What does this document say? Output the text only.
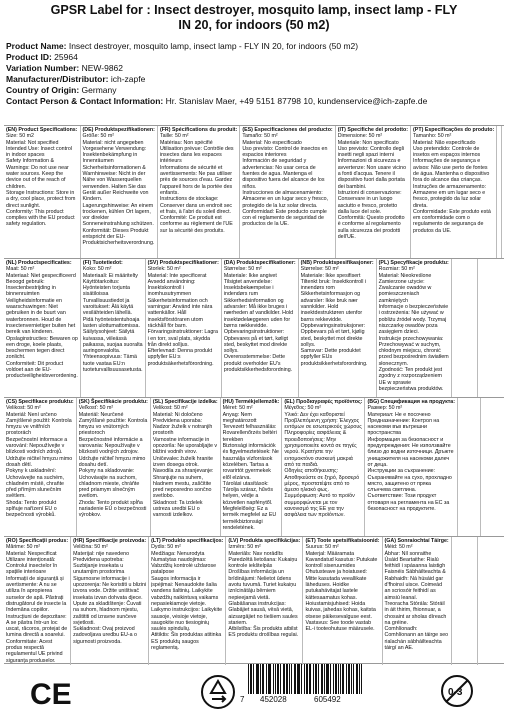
GPSR Label for : Insect destroyer, mosquito lamp, insect lamp - FLY
IN 20, for indoors (50 m2)
Product Name: Insect destroyer, mosquito lamp, insect lamp - FLY IN 20, for indoors (50 m2)
Product ID: 25964
Variation Number: NEW-9862
Manufacturer/Distributor: ich-zapfe
Country of Origin: Germany
Contact Person & Contact Information: Hr. Stanislav Maer, +49 5151 87798 10, kundenservice@ich-zapfe.de
(EN) Product Specifications:
Size: 50 m2
Material: Not specified
Intended Use: Insect control in indoor spaces
Safety Information & Warnings: Do not use near water sources. Keep the device out of the reach of children.
Storage Instructions: Store in a dry, cool place, protect from direct sunlight.
Conformity: This product complies with the EU product safety regulation.
(DE) Produktspezifikationen:
Größe: 50 m²
Material: nicht angegeben
Vorgesehene Verwendung: Insektenbekämpfung in Innenräumen
Sicherheitsinformationen & Warnhinweise: Nicht in der Nähe von Wasserquellen verwenden. Halten Sie das Gerät außer Reichweite von Kindern.
Lagerungshinweise: An einem trockenen, kühlen Ort lagern, vor direkter Sonneneinstrahlung schützen.
Konformität: Dieses Produkt entspricht der EU-Produktsicherheitsverordnung.
(FR) Spécifications du produit:
Taille: 50 m²
Matériau: Non spécifié
Utilisation prévue: Contrôle des insectes dans les espaces intérieurs
Informations de sécurité et avertissements: Ne pas utiliser près de sources d'eau. Gardez l'appareil hors de la portée des enfants.
Instructions de stockage: Conserver dans un endroit sec et frais, à l'abri du soleil direct.
Conformité: Ce produit est conforme au règlement de l'UE sur la sécurité des produits.
(ES) Especificaciones del producto:
Tamaño: 50 m²
Material: No especificado
Uso previsto: Control de insectos en espacios interiores
Información de seguridad y advertencias: No usar cerca de fuentes de agua. Mantenga el dispositivo fuera del alcance de los niños.
Instrucciones de almacenamiento: Almacene en un lugar seco y fresco, protegido de la luz solar directa.
Conformidad: Este producto cumple con el reglamento de seguridad de productos de la UE.
(IT) Specifiche del prodotto:
Dimensione: 50 m²
Materiale: Non specificato
Uso previsto: Controllo degli insetti negli spazi interni
Informazioni di sicurezza e avvertenze: Non usare vicino a fonti d'acqua. Tenere il dispositivo fuori dalla portata dei bambini.
Istruzioni di conservazione: Conservare in un luogo asciutto e fresco, protetto dalla luce del sole.
Conformità: Questo prodotto è conforme al regolamento sulla sicurezza dei prodotti dell'UE.
(PT) Especificações do produto:
Tamanho: 50 m²
Material: Não especificado
Uso pretendido: Controle de insetos em espaços internos
Informações de segurança e avisos: Não use perto de fontes de água. Mantenha o dispositivo fora do alcance das crianças.
Instruções de armazenamento: Armazene em um lugar seco e fresco, protegido da luz solar direta.
Conformidade: Este produto está em conformidade com o regulamento de segurança de produtos da UE.
(NL) Productspecificaties:
Maat: 50 m²
Materiaal: Niet gespecificeerd
Beoogd gebruik: Insectenbestrijding in binnenruimten
Veiligheidsinformatie en waarschuwingen: Niet gebruiken in de buurt van waterbronnen. Houd de insectenvernietiger buiten het bereik van kinderen.
Opslaginstructies: Bewaren op een droge, koele plaats, beschermen tegen direct zonlicht.
Conformiteit: Dit product voldoet aan de EU-productveiligheidsverordening.
(FI) Tuotetiedot:
Koko: 50 m²
Materiaali: Ei määritelty
Käyttötarkoitus: Hyönteisten torjunta sisätiloissa
Turvallisuustiedot ja varoitukset: Älä käytä vesilähteiden lähellä. Pidä hyönteistentuhoaja lasten ulottumattomissa.
Säilytysohjeet: Säilytä kuivassa, viileässä paikassa, suojaa suoralta auringonvalolta.
Yhteensopivuus: Tämä tuote vastaa EU:n tuoteturvallisuusasetusta.
(SV) Produktspecifikationer:
Storlek: 50 m²
Material: Inte specificerat
Avsedd användning: Insektskontroll i inomhusutrymmen
Säkerhetsinformation och varningar: Använd inte nära vattenkällor. Håll insektsförstöraren utom räckhåll för barn.
Förvaringsinstruktioner: Lagra i en torr, sval plats, skydda från direkt solljus.
Efterlevnad: Denna produkt uppfyller EU:s produktsäkerhetsförordning.
(DA) Produktspecifikationer:
Størrelse: 50 m²
Materiale: Ikke angivet
Tilsigtet anvendelse: Insektsbekæmpelse i indendørs rum
Sikkerhedsinformation og advarsler: Må ikke bruges i nærheden af vandkilder. Hold insektødelæggeren uden for børns rækkevidde.
Opbevaringsinstruktioner: Opbevares på et tørt, køligt sted, beskyttet mod direkte sollys.
Overensstemmelse: Dette produkt overholder EU's produktsikkerhedsforordning.
(NB) Produktspesifikasjoner:
Størrelse: 50 m²
Materiale: Ikke spesifisert
Tiltenkt bruk: Insektkontroll i innendørs rom
Sikkerhetsinformasjon og advarsler: Ikke bruk nær vannkilder. Hold insektdestruktøren utenfor barns rekkevidde.
Oppbevaringsinstruksjoner: Oppbevars på et tørt, kjølig sted, beskyttet mot direkte sollys.
Samsvar: Dette produktet oppfyller EUs produktsikkerhetsforordning.
(PL) Specyfikacje produktu:
Rozmiar: 50 m²
Materiał: Nieokreślone
Zamierzone użycie: Zwalczanie owadów w pomieszczeniach zamkniętych
Informacje o bezpieczeństwie i ostrzeżenia: Nie używać w pobliżu źródeł wody. Trzymaj niszczarkę owadów poza zasięgiem dzieci.
Instrukcje przechowywania: Przechowywać w suchym, chłodnym miejscu, chronić przed bezpośrednim światłem słonecznym.
Zgodność: Ten produkt jest zgodny z rozporządzeniem UE w sprawie bezpieczeństwa produktów.
(CS) Specifikace produktu:
Velikost: 50 m²
Materiál: Není určeno
Zamýšlené použití: Kontrola hmyzu ve vnitřních prostorách
Bezpečnostní informace a varování: Nepoužívejte v blízkosti vodních zdrojů. Udržujte ničitel hmyzu mimo dosah dětí.
Pokyny k uskladnění: Uchovávejte na suchém, chladném místě, chraňte před přímým slunečním světlem.
Shoda: Tento produkt splňuje nařízení EU o bezpečnosti výrobků.
(SK) Špecifikácie produktu:
Veľkosť: 50 m²
Materiál: Neurčené
Zamýšľané použitie: Kontrola hmyzu vo vnútorných priestoroch
Bezpečnostné informácie a varovania: Nepoužívajte v blízkosti vodných zdrojov. Udržujte ničiteľ hmyzu mimo dosahu detí.
Pokyny na skladovanie: Uchovávajte na suchom, chladnom mieste, chráňte pred priamym slnečným svetlom.
Zhoda: Tento produkt spĺňa nariadenie EÚ o bezpečnosti výrobkov.
(SL) Specifikacije izdelka:
Velikost: 50 m²
Material: Ni določeno
Predvidena uporaba: Nadzor žuželk v notranjih prostorih
Varnostne informacije in opozorila: Ne uporabljajte v bližini vodnih virov. Uničevalec žuželk hranite izven dosega otrok.
Navodila za shranjevanje: Shranjujte na suhem, hladnem mestu, zaščitite pred neposredno sončno svetlobo.
Skladnost: Ta izdelek ustreza uredbi EU o varnosti izdelkov.
(HU) Termékjellemzők:
Méret: 50 m²
Anyag: Nem meghatározott
Tervezett felhasználás: Rovarellenőrzés beltéri terekben
Biztonsági információk és figyelmeztetések: Ne használja vízforrások közelében. Tartsa a rovarirtót gyermekek elől elzárva.
Tárolási utasítások: Tárolja száraz, hűvös helyen, védje a közvetlen napfénytől.
Megfelelőség: Ez a termék megfelel az EU termékbiztonsági rendeletének.
(EL) Προδιαγραφές προϊόντος:
Μέγεθος: 50 m²
Υλικό: Δεν έχει καθοριστεί
Προβλεπόμενη χρήση: Έλεγχος εντόμων σε εσωτερικούς χώρους
Πληροφορίες ασφάλειας & προειδοποιήσεις: Μην χρησιμοποιείτε κοντά σε πηγές νερού. Κρατήστε την εντομοκτόνο συσκευή μακριά από τα παιδιά.
Οδηγίες αποθήκευσης: Αποθηκεύστε σε ξηρό, δροσερό μέρος, προστατέψτε από το άμεσο ηλιακό φως.
Συμμόρφωση: Αυτό το προϊόν συμμορφώνεται με τον κανονισμό της ΕΕ για την ασφάλεια των προϊόντων.
(BG) Спецификация на продукта:
Размер: 50 m²
Материал: Не е посочено
Предназначение: Контрол на насекоми във вътрешни пространства
Информация за безопасност и предупреждения: Не използвайте близо до водни източници. Дръжте унищожителя на насекоми далеч от деца.
Инструкции за съхранение: Съхранявайте на сухо, прохладно място, защитено от пряка слънчева светлина.
Съответствие: Този продукт отговаря на регламента на ЕС за безопасност на продуктите.
(RO) Specificații produs:
Mărime: 50 m²
Material: Nespecificat
Utilizare intenționată: Controlul insectelor în spațiile interioare
Informații de siguranță și avertismente: A nu se utiliza în apropierea surselor de apă. Păstrați distrugătorul de insecte la îndemâna copiilor.
Instrucțiuni de depozitare: A se păstra într-un loc uscat, răcoros, protejat de lumina directă a soarelui.
Conformitate: Acest produs respectă regulamentul UE privind siguranța produselor.
(HR) Specifikacije proizvoda:
Veličina: 50 m²
Materijal: nije navedeno
Predviđena upotreba: Suzbijanje insekata u unutarnjim prostorima
Sigurnosne informacije i upozorenja: Ne koristiti u blizini izvora vode. Držite uništivač insekata izvan dohvata djece.
Upute za skladištenje: Čuvati na suhom, hladnom mjestu, zaštititi od izravne sunčeve svjetlosti.
Sukladnost: Ovaj proizvod zadovoljava uredbu EU-a o sigurnosti proizvoda.
(LT) Produkto specifikacijos:
Dydis: 50 m²
Medžiaga: Nenurodyta
Numatytas naudojimas: Vabzdžių kontrolė uždarose patalpose
Saugos informacija ir įspėjimai: Nenaudokite šalia vandens šaltinių. Laikykite vabzdžių naikintuvą vaikams nepasiekiamoje vietoje.
Laikymo instrukcijos: Laikykite sausoje, vėsioje vietoje, saugokite nuo tiesioginių saulės spindulių.
Atitiktis: Šis produktas atitinka ES produktų saugos reglamentą.
(LV) Produkta specifikācijas:
Izmērs: 50 m²
Materiāls: Nav norādīts
Paredzētā lietošana: Kukaiņu kontrole iekštelpās
Drošības informācija un brīdinājumi: Nelietot ūdens avotu tuvumā. Turiet kukaiņu iznīcinātāju bērniem nepieejamā vietā.
Glabāšanas instrukcijas: Glabājiet sausā, vēsā vietā, aizsargājiet no tiešiem saules stariem.
Atbilstība: Šis produkts atbilst ES produktu drošības regulai.
(ET) Toote spetsifikatsioonid:
Suurus: 50 m²
Materjal: Määramata
Kavandatud kasutus: Putukate kontroll siseruumides
Ohutusteave ja hoiatused: Mitte kasutada veeallikate läheduses. Hoidke putukahävitajat lastele kättesaamatus kohas.
Hoiustamisjuhised: Hoida kuivas, jahedas kohas, kaitsta otsese päikesevalguse eest.
Vastavus: See toode vastab EL-i tooteohutuse määrusele.
(GA) Sonraíochtaí Táirge:
Méid: 50 m²
Ábhar: Níl sonraithe
Úsáid Beartaithe: Rialú feithidí i spásanna laistigh
Faisnéis Sábháilteachta & Rabhaidh: Ná húsáid gar d'fhoinsí uisce. Coimeád an scriosóir feithidí as aimsiú leanaí.
Treoracha Stórála: Stóráil in áit thirim, fhionnuar, a chosaint ar sholas díreach na gréine.
Comhlíonadh: Comhlíonann an táirge seo rialachán sábháilteachta táirgí an AE.
CE	7 452028	605492
0-3
